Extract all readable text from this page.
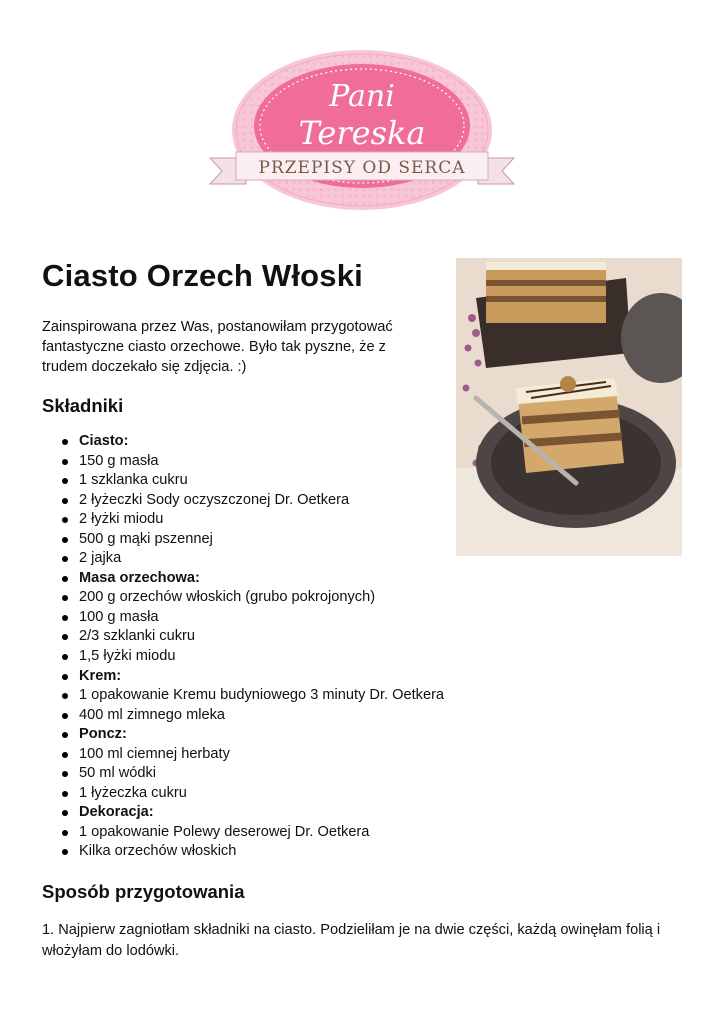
Pani
Tereska
PRZEPISY OD SERCA
Ciasto Orzech Włoski

Zainspirowana przez Was, postanowiłam przygotować fantastyczne ciasto orzechowe. Było tak pyszne, że z trudem doczekało się zdjęcia. :)

Składniki
Ciasto:
150 g masła
1 szklanka cukru
2 łyżeczki Sody oczyszczonej Dr. Oetkera
2 łyżki miodu
500 g mąki pszennej
2 jajka
Masa orzechowa:
200 g orzechów włoskich (grubo pokrojonych)
100 g masła
2/3 szklanki cukru
1,5 łyżki miodu
Krem:
1 opakowanie Kremu budyniowego 3 minuty Dr. Oetkera
400 ml zimnego mleka
Poncz:
100 ml ciemnej herbaty
50 ml wódki
1 łyżeczka cukru
Dekoracja:
1 opakowanie Polewy deserowej Dr. Oetkera
Kilka orzechów włoskich
Sposób przygotowania

1. Najpierw zagniotłam składniki na ciasto. Podzieliłam je na dwie części, każdą owinęłam folią i włożyłam do lodówki.
